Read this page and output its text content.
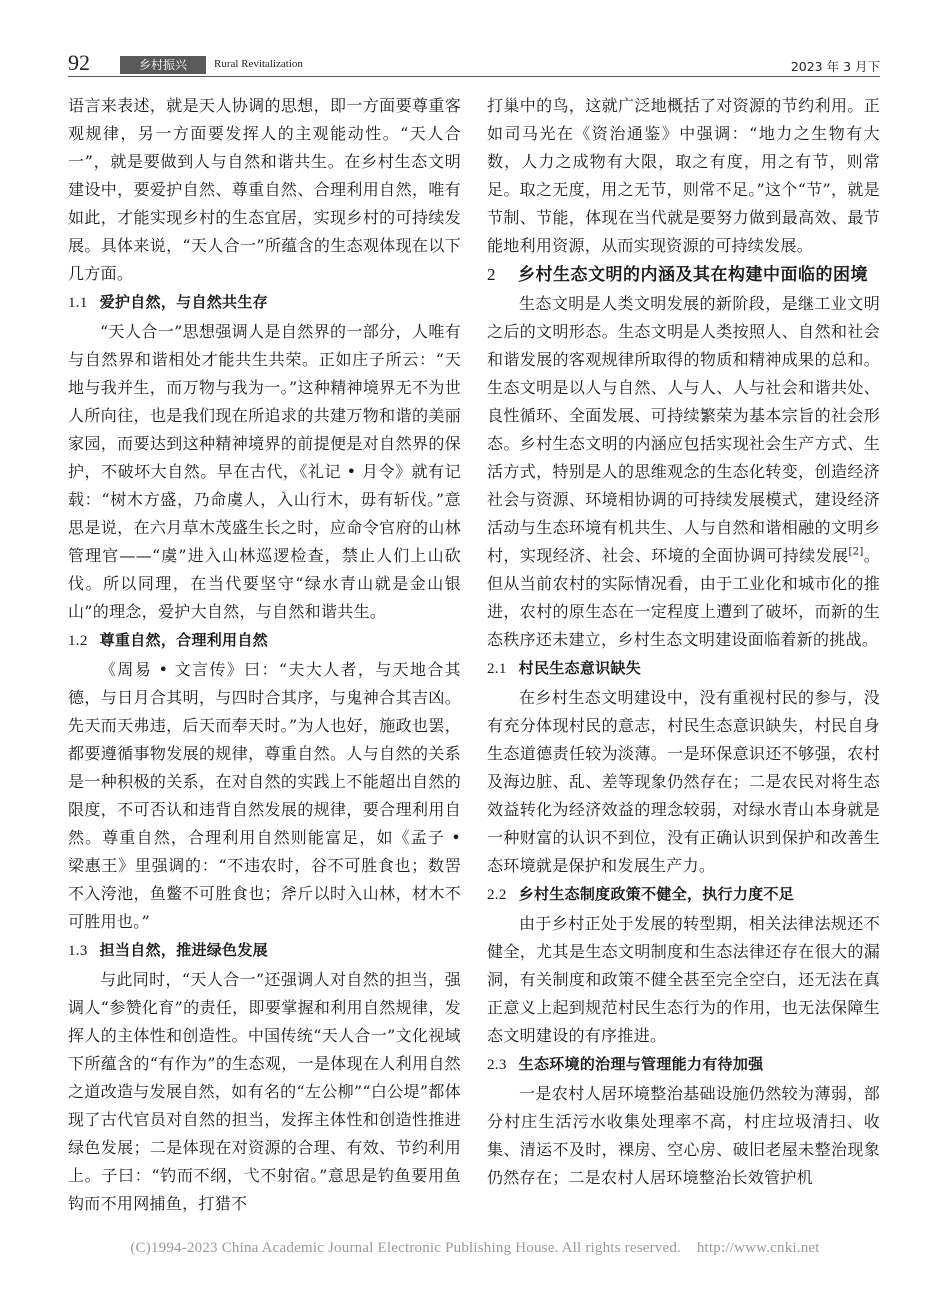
92	乡村振兴	Rural Revitalization	2023 年 3 月下

语言来表述，就是天人协调的思想，即一方面要尊重客观规律，另一方面要发挥人的主观能动性。“天人合一”，就是要做到人与自然和谐共生。在乡村生态文明建设中，要爱护自然、尊重自然、合理利用自然，唯有如此，才能实现乡村的生态宜居，实现乡村的可持续发展。具体来说，“天人合一”所蕴含的生态观体现在以下几方面。

1.1 爱护自然，与自然共生存

“天人合一”思想强调人是自然界的一部分，人唯有与自然界和谐相处才能共生共荣。正如庄子所云：“天地与我并生，而万物与我为一。”这种精神境界无不为世人所向往，也是我们现在所追求的共建万物和谐的美丽家园，而要达到这种精神境界的前提便是对自然界的保护，不破坏大自然。早在古代，《礼记 • 月令》就有记载：“树木方盛，乃命虞人，入山行木，毋有斩伐。”意思是说，在六月草木茂盛生长之时，应命令官府的山林管理官——“虞”进入山林巡逻检查，禁止人们上山砍伐。所以同理，在当代要坚守“绿水青山就是金山银山”的理念，爱护大自然，与自然和谐共生。

1.2 尊重自然，合理利用自然

《周易 • 文言传》曰：“夫大人者，与天地合其德，与日月合其明，与四时合其序，与鬼神合其吉凶。先天而天弗违，后天而奉天时。”为人也好，施政也罢，都要遵循事物发展的规律，尊重自然。人与自然的关系是一种积极的关系，在对自然的实践上不能超出自然的限度，不可否认和违背自然发展的规律，要合理利用自然。尊重自然，合理利用自然则能富足，如《孟子 • 梁惠王》里强调的：“不违农时，谷不可胜食也；数罟不入洿池，鱼鳖不可胜食也；斧斤以时入山林，材木不可胜用也。”

1.3 担当自然，推进绿色发展

与此同时，“天人合一”还强调人对自然的担当，强调人“参赞化育”的责任，即要掌握和利用自然规律，发挥人的主体性和创造性。中国传统“天人合一”文化视域下所蕴含的“有作为”的生态观，一是体现在人利用自然之道改造与发展自然，如有名的“左公柳”“白公堤”都体现了古代官员对自然的担当，发挥主体性和创造性推进绿色发展；二是体现在对资源的合理、有效、节约利用上。子曰：“钓而不纲，弋不射宿。”意思是钓鱼要用鱼钩而不用网捕鱼，打猎不

打巢中的鸟，这就广泛地概括了对资源的节约利用。正如司马光在《资治通鉴》中强调：“地力之生物有大数，人力之成物有大限，取之有度，用之有节，则常足。取之无度，用之无节，则常不足。”这个“节”，就是节制、节能，体现在当代就是要努力做到最高效、最节能地利用资源，从而实现资源的可持续发展。

2 乡村生态文明的内涵及其在构建中面临的困境

生态文明是人类文明发展的新阶段，是继工业文明之后的文明形态。生态文明是人类按照人、自然和社会和谐发展的客观规律所取得的物质和精神成果的总和。生态文明是以人与自然、人与人、人与社会和谐共处、良性循环、全面发展、可持续繁荣为基本宗旨的社会形态。乡村生态文明的内涵应包括实现社会生产方式、生活方式，特别是人的思维观念的生态化转变，创造经济社会与资源、环境相协调的可持续发展模式，建设经济活动与生态环境有机共生、人与自然和谐相融的文明乡村，实现经济、社会、环境的全面协调可持续发展[2]。但从当前农村的实际情况看，由于工业化和城市化的推进，农村的原生态在一定程度上遭到了破坏，而新的生态秩序还未建立，乡村生态文明建设面临着新的挑战。

2.1 村民生态意识缺失

在乡村生态文明建设中，没有重视村民的参与，没有充分体现村民的意志，村民生态意识缺失，村民自身生态道德责任较为淡薄。一是环保意识还不够强，农村及海边脏、乱、差等现象仍然存在；二是农民对将生态效益转化为经济效益的理念较弱，对绿水青山本身就是一种财富的认识不到位，没有正确认识到保护和改善生态环境就是保护和发展生产力。

2.2 乡村生态制度政策不健全，执行力度不足

由于乡村正处于发展的转型期，相关法律法规还不健全，尤其是生态文明制度和生态法律还存在很大的漏洞，有关制度和政策不健全甚至完全空白，还无法在真正意义上起到规范村民生态行为的作用，也无法保障生态文明建设的有序推进。

2.3 生态环境的治理与管理能力有待加强

一是农村人居环境整治基础设施仍然较为薄弱，部分村庄生活污水收集处理率不高，村庄垃圾清扫、收集、清运不及时，裸房、空心房、破旧老屋未整治现象仍然存在；二是农村人居环境整治长效管护机

(C)1994-2023 China Academic Journal Electronic Publishing House. All rights reserved. http://www.cnki.net
